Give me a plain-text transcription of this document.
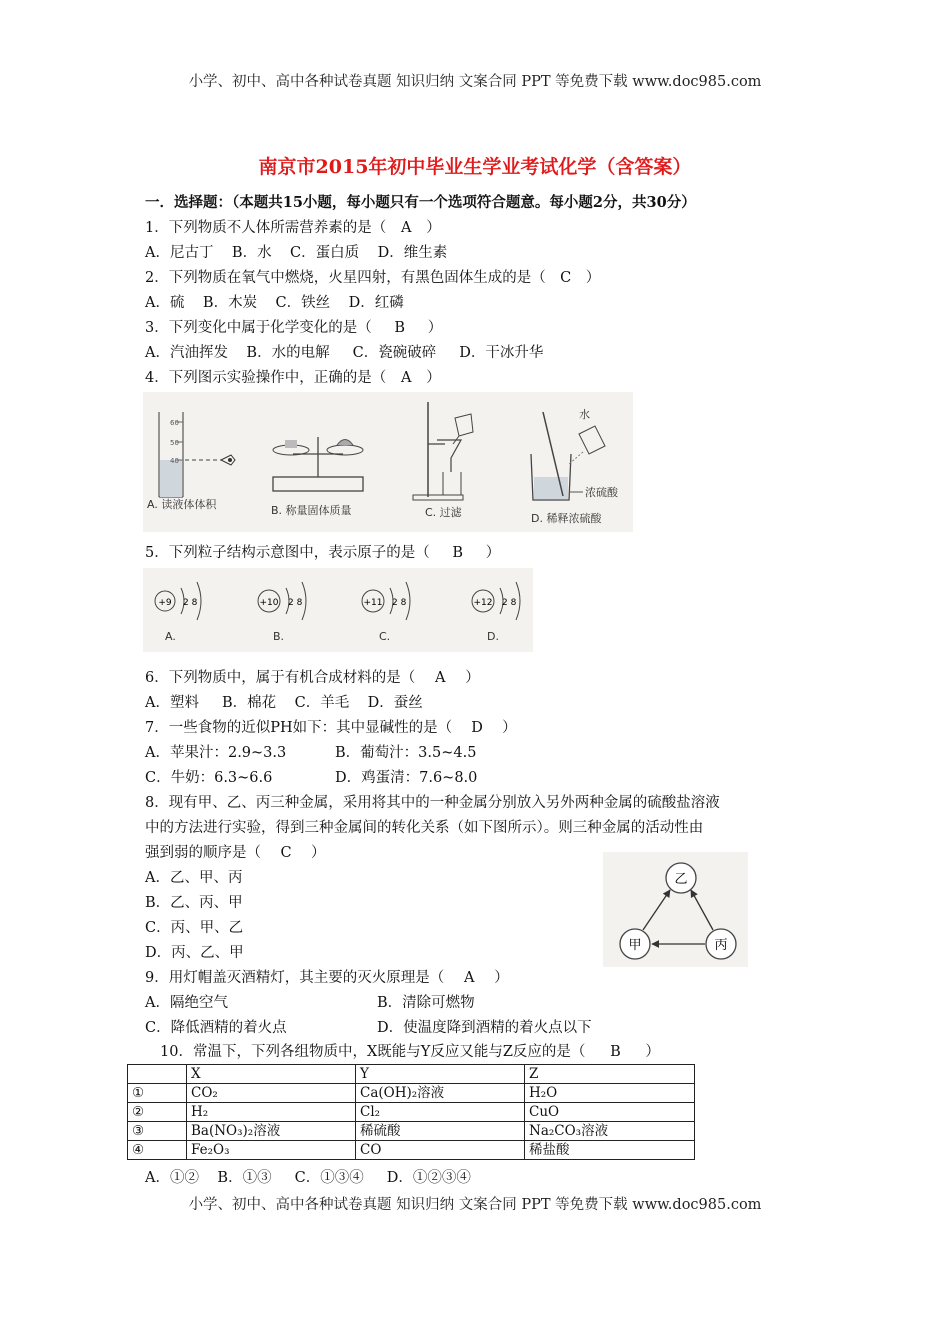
小学、初中、高中各种试卷真题 知识归纳 文案合同 PPT 等免费下载 www.doc985.com
南京市2015年初中毕业生学业考试化学（含答案）
一．选择题：（本题共15小题，每小题只有一个选项符合题意。每小题2分，共30分）
1．下列物质不人体所需营养素的是（ A ）
A．尼古丁 B．水 C．蛋白质 D．维生素
2．下列物质在氧气中燃烧，火星四射，有黑色固体生成的是（ C ）
A．硫 B．木炭 C．铁丝 D．红磷
3．下列变化中属于化学变化的是（ B ）
A．汽油挥发 B．水的电解 C．瓷碗破碎 D．干冰升华
4．下列图示实验操作中，正确的是（ A ）
60
50
40
A. 读液体体积	B. 称量固体质量	C. 过滤
水
浓硫酸
D. 稀释浓硫酸
5．下列粒子结构示意图中，表示原子的是（ B ）
+9 2 8
A.
+10 2 8
B.
+11 2 8
C.
+12 2 8
D.
6．下列物质中，属于有机合成材料的是（ A ）
A．塑料 B．棉花 C．羊毛 D．蚕丝
7．一些食物的近似PH如下：其中显碱性的是（ D ）
A．苹果汁：2.9~3.3	B．葡萄汁：3.5~4.5
C．牛奶：6.3~6.6	D．鸡蛋清：7.6~8.0
8．现有甲、乙、丙三种金属，采用将其中的一种金属分别放入另外两种金属的硫酸盐溶液
中的方法进行实验，得到三种金属间的转化关系（如下图所示）。则三种金属的活动性由
强到弱的顺序是（ C ）
A．乙、甲、丙
B．乙、丙、甲
C．丙、甲、乙
D．丙、乙、甲
乙
甲	丙
9．用灯帽盖灭酒精灯，其主要的灭火原理是（ A ）
A．隔绝空气	B．清除可燃物
C．降低酒精的着火点	D．使温度降到酒精的着火点以下
10．常温下，下列各组物质中，X既能与Y反应又能与Z反应的是（ B ）
	X	Y	Z
①	CO₂	Ca(OH)₂溶液	H₂O
②	H₂	Cl₂	CuO
③	Ba(NO₃)₂溶液	稀硫酸	Na₂CO₃溶液
④	Fe₂O₃	CO	稀盐酸
A．①② B．①③ C．①③④ D．①②③④
小学、初中、高中各种试卷真题 知识归纳 文案合同 PPT 等免费下载 www.doc985.com
